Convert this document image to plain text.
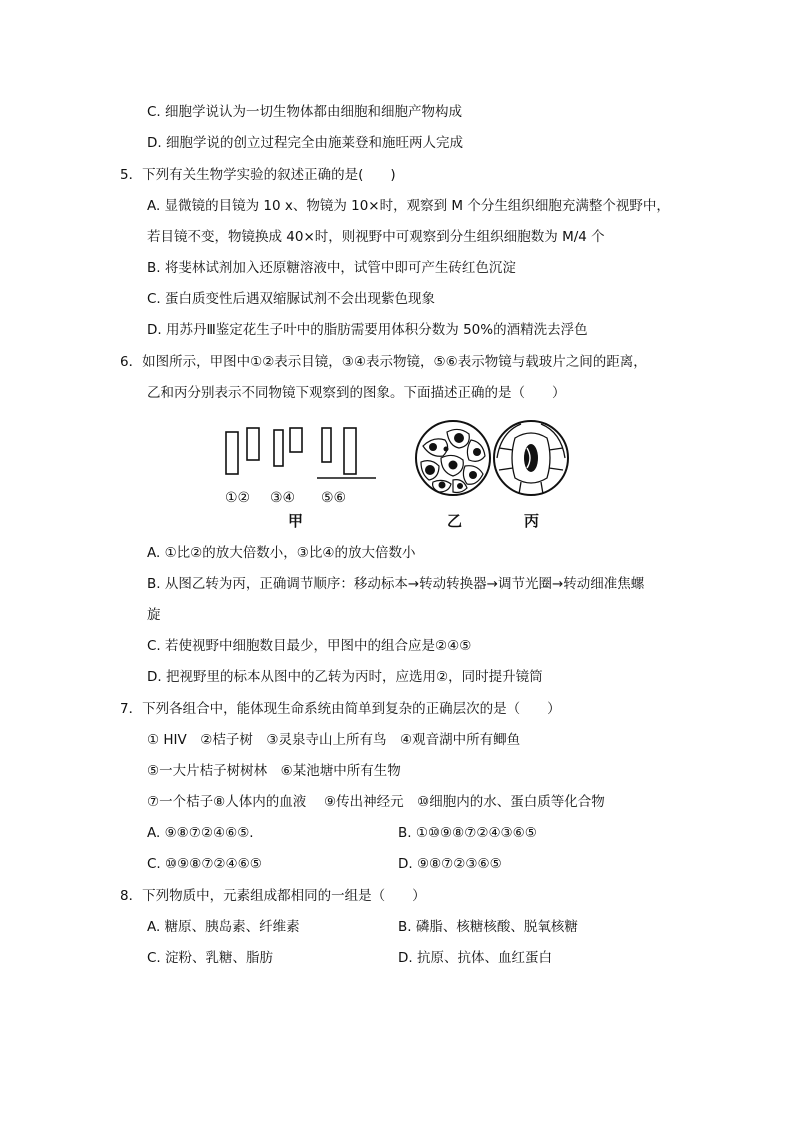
C. 细胞学说认为一切生物体都由细胞和细胞产物构成
D. 细胞学说的创立过程完全由施莱登和施旺两人完成
5．下列有关生物学实验的叙述正确的是(　　)
A. 显微镜的目镜为 10 x、物镜为 10×时，观察到 M 个分生组织细胞充满整个视野中，
若目镜不变，物镜换成 40×时，则视野中可观察到分生组织细胞数为 M/4 个
B. 将斐林试剂加入还原糖溶液中，试管中即可产生砖红色沉淀
C. 蛋白质变性后遇双缩脲试剂不会出现紫色现象
D. 用苏丹Ⅲ鉴定花生子叶中的脂肪需要用体积分数为 50%的酒精洗去浮色
6．如图所示，甲图中①②表示目镜，③④表示物镜，⑤⑥表示物镜与载玻片之间的距离，
乙和丙分别表示不同物镜下观察到的图象。下面描述正确的是（　　）
①② ③④ ⑤⑥
甲	乙	丙
A. ①比②的放大倍数小，③比④的放大倍数小
B. 从图乙转为丙，正确调节顺序：移动标本→转动转换器→调节光圈→转动细准焦螺
旋
C. 若使视野中细胞数目最少，甲图中的组合应是②④⑤
D. 把视野里的标本从图中的乙转为丙时，应选用②，同时提升镜筒
7．下列各组合中，能体现生命系统由简单到复杂的正确层次的是（　　）
① HIV　②桔子树　③灵泉寺山上所有鸟　④观音湖中所有鲫鱼
⑤一大片桔子树树林　⑥某池塘中所有生物
⑦一个桔子⑧人体内的血液　 ⑨传出神经元　⑩细胞内的水、蛋白质等化合物
A. ⑨⑧⑦②④⑥⑤.	B. ①⑩⑨⑧⑦②④③⑥⑤
C. ⑩⑨⑧⑦②④⑥⑤	D. ⑨⑧⑦②③⑥⑤
8．下列物质中，元素组成都相同的一组是（　　）
A. 糖原、胰岛素、纤维素	B. 磷脂、核糖核酸、脱氧核糖
C. 淀粉、乳糖、脂肪	D. 抗原、抗体、血红蛋白
